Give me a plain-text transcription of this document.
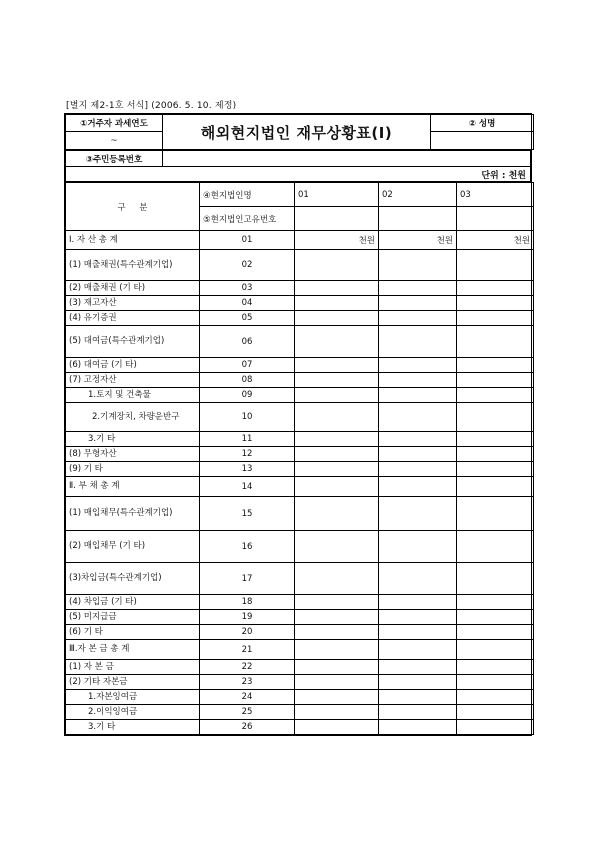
[별지 제2-1호 서식] (2006. 5. 10. 제정)
①거주자 과세연도	해외현지법인 재무상황표(Ⅰ)	② 성명
~		
③주민등록번호	
단위 : 천원
구     분	④현지법인명	01	02	03
	⑤현지법인고유번호			
Ⅰ. 자 산 총 계	01	천원	천원	천원
(1) 매출채권(특수관계기업)	02			
(2) 매출채권 (기 타)	03			
(3) 재고자산	04			
(4) 유기증권	05			
(5) 대여금(특수관계기업)	06			
(6) 대여금 (기 타)	07			
(7) 고정자산	08			
1.토지 및 건축물	09			
2.기계장치, 차량운반구	10			
3.기 타	11			
(8) 무형자산	12			
(9) 기 타	13			
Ⅱ. 부 채 총 계	14			
(1) 매입채무(특수관계기업)	15			
(2) 매입채무 (기 타)	16			
(3)차입금(특수관계기업)	17			
(4) 차입금 (기 타)	18			
(5) 미지급금	19			
(6) 기 타	20			
Ⅲ.자 본 금 총 계	21			
(1) 자 본 금	22			
(2) 기타 자본금	23			
1.자본잉여금	24			
2.이익잉여금	25			
3.기 타	26			
